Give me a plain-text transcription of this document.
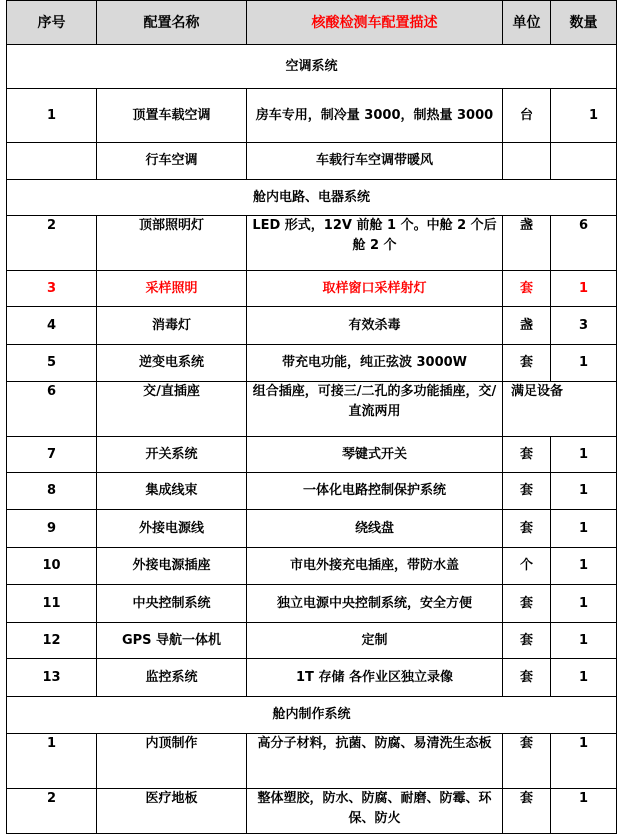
序号	配置名称	核酸检测车配置描述	单位	数量
空调系统				
1	顶置车载空调	房车专用，制冷量 3000，制热量 3000	台	1
	行车空调	车载行车空调带暖风		
舱内电路、电器系统				
2	顶部照明灯	LED 形式，12V 前舱 1 个。中舱 2 个后舱 2 个	盏	6
3	采样照明	取样窗口采样射灯	套	1
4	消毒灯	有效杀毒	盏	3
5	逆变电系统	带充电功能，纯正弦波 3000W	套	1
6	交/直插座	组合插座，可接三/二孔的多功能插座，交/直流两用	满足设备	
7	开关系统	琴键式开关	套	1
8	集成线束	一体化电路控制保护系统	套	1
9	外接电源线	绕线盘	套	1
10	外接电源插座	市电外接充电插座，带防水盖	个	1
11	中央控制系统	独立电源中央控制系统，安全方便	套	1
12	GPS 导航一体机	定制	套	1
13	监控系统	1T 存储 各作业区独立录像	套	1
舱内制作系统				
1	内顶制作	高分子材料，抗菌、防腐、易清洗生态板	套	1
2	医疗地板	整体塑胶，防水、防腐、耐磨、防霉、环保、防火	套	1
